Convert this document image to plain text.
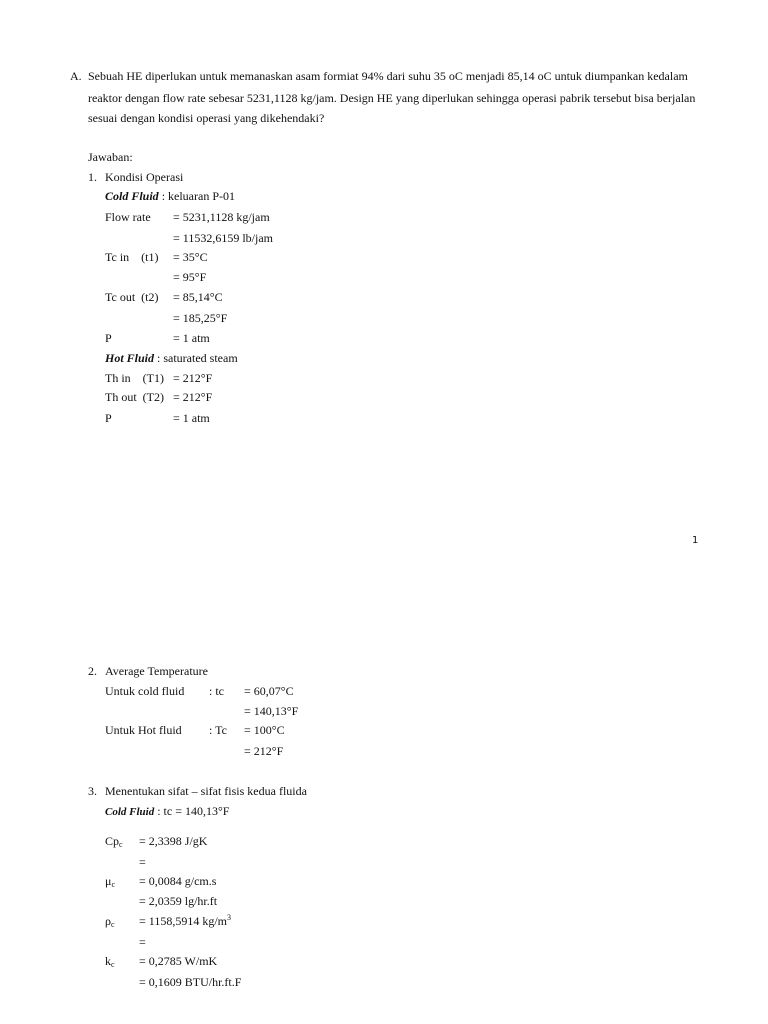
A. Sebuah HE diperlukan untuk memanaskan asam formiat 94% dari suhu 35 oC menjadi 85,14 oC untuk diumpankan kedalam
reaktor dengan flow rate sebesar 5231,1128 kg/jam. Design HE yang diperlukan sehingga operasi pabrik tersebut bisa berjalan
sesuai dengan kondisi operasi yang dikehendaki?
Jawaban:
1. Kondisi Operasi
Cold Fluid : keluaran P-01
Flow rate = 5231,1128 kg/jam
= 11532,6159 lb/jam
Tc in    (t1) = 35°C
= 95°F
Tc out  (t2) = 85,14°C
= 185,25°F
P	= 1 atm
Hot Fluid : saturated steam
Th in    (T1) = 212°F
Th out  (T2) = 212°F
P	= 1 atm
1
2. Average Temperature
Untuk cold fluid : tc = 60,07°C
= 140,13°F
Untuk Hot fluid : Tc = 100°C
= 212°F
3. Menentukan sifat – sifat fisis kedua fluida
Cold Fluid : tc = 140,13°F
$Cp_c = 2,3398$ J/gK
=
$\mu_c = 0,0084$ g/cm.s
= 2,0359 lg/hr.ft
$\rho_c = 1158,5914$ $kg/m^3$
=
$k_c = 0,2785$ W/mK
= 0,1609 BTU/hr.ft.F
